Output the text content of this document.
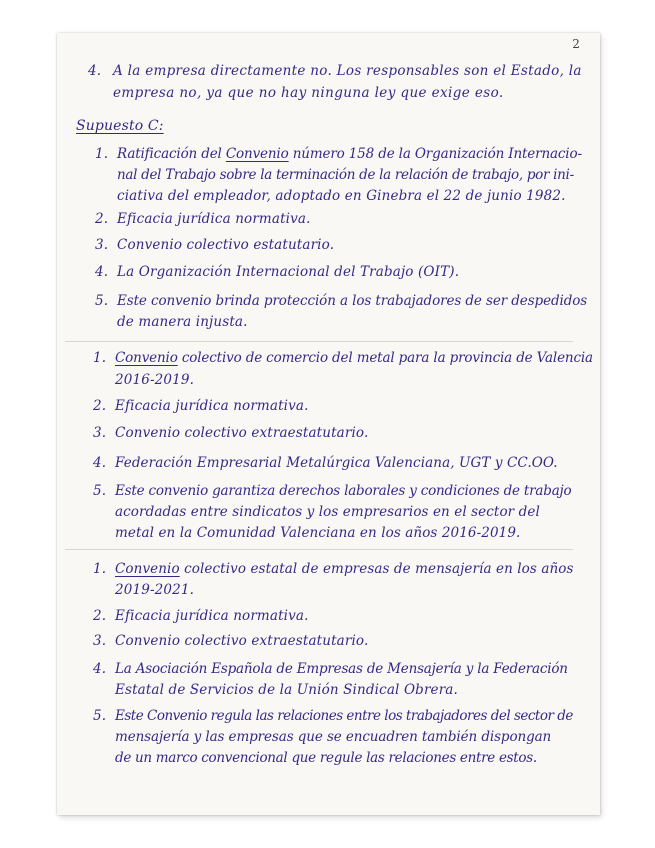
2
4. A la empresa directamente no. Los responsables son el Estado, la
empresa no, ya que no hay ninguna ley que exige eso.
Supuesto C:
1. Ratificación del Convenio número 158 de la Organización Internacio-
nal del Trabajo sobre la terminación de la relación de trabajo, por ini-
ciativa del empleador, adoptado en Ginebra el 22 de junio 1982.
2. Eficacia jurídica normativa.
3. Convenio colectivo estatutario.
4. La Organización Internacional del Trabajo (OIT).
5. Este convenio brinda protección a los trabajadores de ser despedidos
de manera injusta.
1. Convenio colectivo de comercio del metal para la provincia de Valencia
2016-2019.
2. Eficacia jurídica normativa.
3. Convenio colectivo extraestatutario.
4. Federación Empresarial Metalúrgica Valenciana, UGT y CC.OO.
5. Este convenio garantiza derechos laborales y condiciones de trabajo
acordadas entre sindicatos y los empresarios en el sector del
metal en la Comunidad Valenciana en los años 2016-2019.
1. Convenio colectivo estatal de empresas de mensajería en los años
2019-2021.
2. Eficacia jurídica normativa.
3. Convenio colectivo extraestatutario.
4. La Asociación Española de Empresas de Mensajería y la Federación
Estatal de Servicios de la Unión Sindical Obrera.
5. Este Convenio regula las relaciones entre los trabajadores del sector de
mensajería y las empresas que se encuadren también dispongan
de un marco convencional que regule las relaciones entre estos.
